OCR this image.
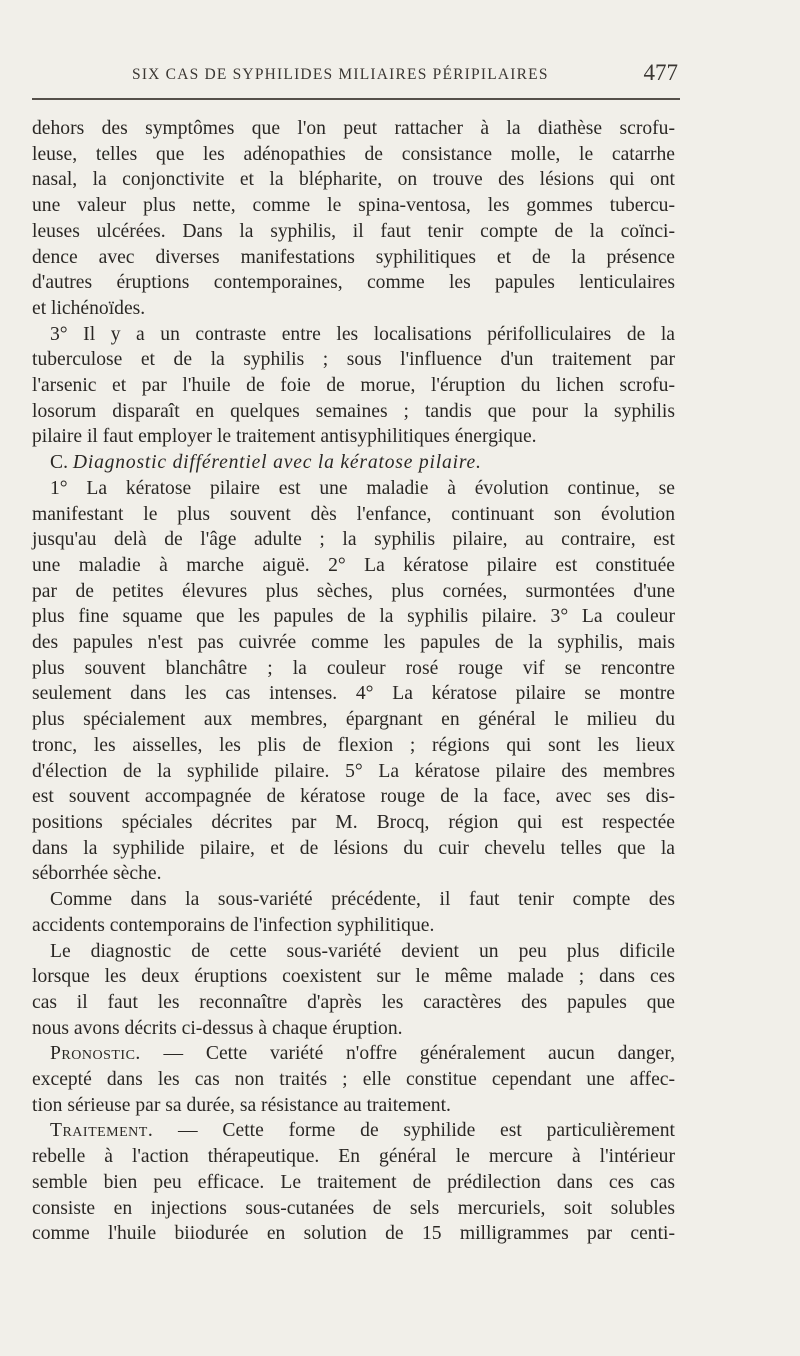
SIX CAS DE SYPHILIDES MILIAIRES PÉRIPILAIRES	477

dehors des symptômes que l'on peut rattacher à la diathèse scrofu-
leuse, telles que les adénopathies de consistance molle, le catarrhe
nasal, la conjonctivite et la blépharite, on trouve des lésions qui ont
une valeur plus nette, comme le spina-ventosa, les gommes tubercu-
leuses ulcérées. Dans la syphilis, il faut tenir compte de la coïnci-
dence avec diverses manifestations syphilitiques et de la présence
d'autres éruptions contemporaines, comme les papules lenticulaires
et lichénoïdes.

3° Il y a un contraste entre les localisations périfolliculaires de la
tuberculose et de la syphilis ; sous l'influence d'un traitement par
l'arsenic et par l'huile de foie de morue, l'éruption du lichen scrofu-
losorum disparaît en quelques semaines ; tandis que pour la syphilis
pilaire il faut employer le traitement antisyphilitiques énergique.

C. Diagnostic différentiel avec la kératose pilaire.

1° La kératose pilaire est une maladie à évolution continue, se
manifestant le plus souvent dès l'enfance, continuant son évolution
jusqu'au delà de l'âge adulte ; la syphilis pilaire, au contraire, est
une maladie à marche aiguë. 2° La kératose pilaire est constituée
par de petites élevures plus sèches, plus cornées, surmontées d'une
plus fine squame que les papules de la syphilis pilaire. 3° La couleur
des papules n'est pas cuivrée comme les papules de la syphilis, mais
plus souvent blanchâtre ; la couleur rosé rouge vif se rencontre
seulement dans les cas intenses. 4° La kératose pilaire se montre
plus spécialement aux membres, épargnant en général le milieu du
tronc, les aisselles, les plis de flexion ; régions qui sont les lieux
d'élection de la syphilide pilaire. 5° La kératose pilaire des membres
est souvent accompagnée de kératose rouge de la face, avec ses dis-
positions spéciales décrites par M. Brocq, région qui est respectée
dans la syphilide pilaire, et de lésions du cuir chevelu telles que la
séborrhée sèche.

Comme dans la sous-variété précédente, il faut tenir compte des
accidents contemporains de l'infection syphilitique.

Le diagnostic de cette sous-variété devient un peu plus dificile
lorsque les deux éruptions coexistent sur le même malade ; dans ces
cas il faut les reconnaître d'après les caractères des papules que
nous avons décrits ci-dessus à chaque éruption.

Pronostic. — Cette variété n'offre généralement aucun danger,
excepté dans les cas non traités ; elle constitue cependant une affec-
tion sérieuse par sa durée, sa résistance au traitement.

Traitement. — Cette forme de syphilide est particulièrement
rebelle à l'action thérapeutique. En général le mercure à l'intérieur
semble bien peu efficace. Le traitement de prédilection dans ces cas
consiste en injections sous-cutanées de sels mercuriels, soit solubles
comme l'huile biiodurée en solution de 15 milligrammes par centi-
